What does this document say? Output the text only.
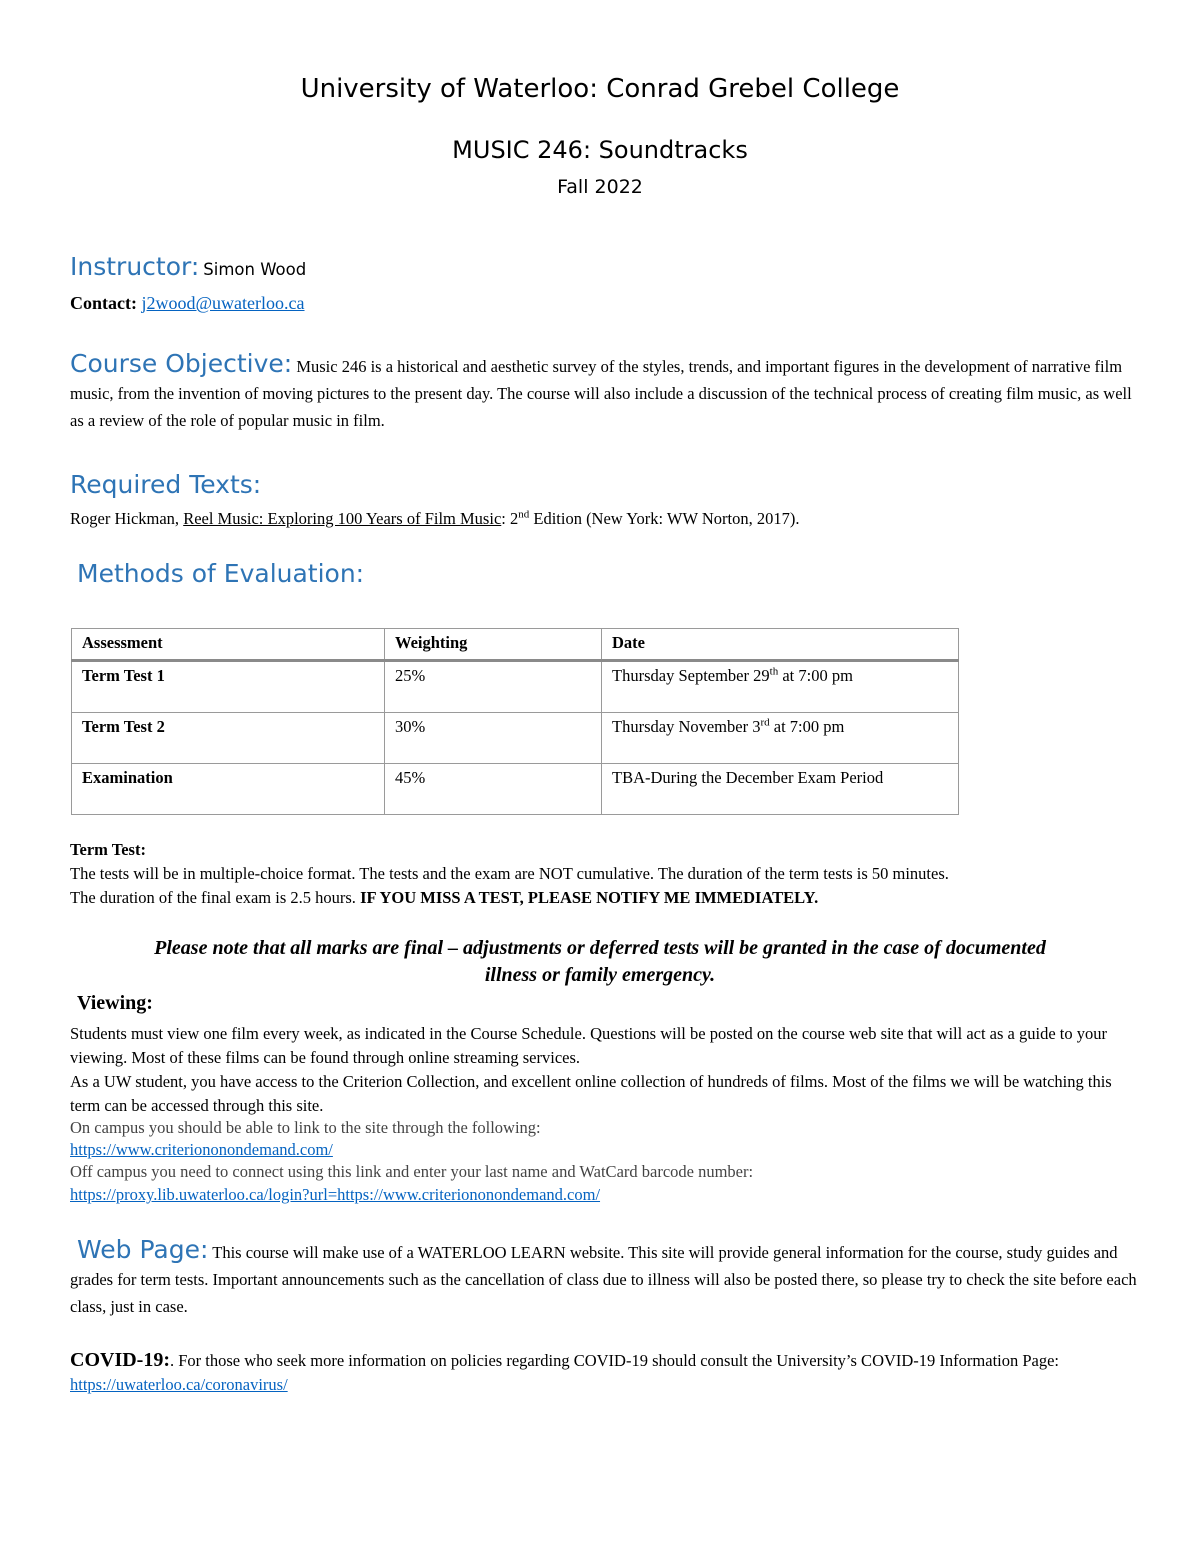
University of Waterloo: Conrad Grebel College
MUSIC 246: Soundtracks
Fall 2022
Instructor: Simon Wood
Contact: j2wood@uwaterloo.ca
Course Objective: Music 246 is a historical and aesthetic survey of the styles, trends, and important figures in the development of narrative film music, from the invention of moving pictures to the present day. The course will also include a discussion of the technical process of creating film music, as well as a review of the role of popular music in film.
Required Texts:
Roger Hickman, Reel Music: Exploring 100 Years of Film Music: 2nd Edition (New York: WW Norton, 2017).
Methods of Evaluation:
Assessment	Weighting	Date
Term Test 1	25%	Thursday September 29th at 7:00 pm
Term Test 2	30%	Thursday November 3rd at 7:00 pm
Examination	45%	TBA-During the December Exam Period
Term Test:
The tests will be in multiple-choice format. The tests and the exam are NOT cumulative. The duration of the term tests is 50 minutes.
The duration of the final exam is 2.5 hours. IF YOU MISS A TEST, PLEASE NOTIFY ME IMMEDIATELY.
Please note that all marks are final – adjustments or deferred tests will be granted in the case of documented
illness or family emergency.
Viewing:
Students must view one film every week, as indicated in the Course Schedule. Questions will be posted on the course web site that will act as a guide to your viewing. Most of these films can be found through online streaming services.
As a UW student, you have access to the Criterion Collection, and excellent online collection of hundreds of films. Most of the films we will be watching this term can be accessed through this site.
On campus you should be able to link to the site through the following:
https://www.criteriononondemand.com/
Off campus you need to connect using this link and enter your last name and WatCard barcode number:
https://proxy.lib.uwaterloo.ca/login?url=https://www.criteriononondemand.com/
Web Page: This course will make use of a WATERLOO LEARN website. This site will provide general information for the course, study guides and grades for term tests. Important announcements such as the cancellation of class due to illness will also be posted there, so please try to check the site before each class, just in case.
COVID-19:. For those who seek more information on policies regarding COVID-19 should consult the University’s COVID-19 Information Page: https://uwaterloo.ca/coronavirus/
